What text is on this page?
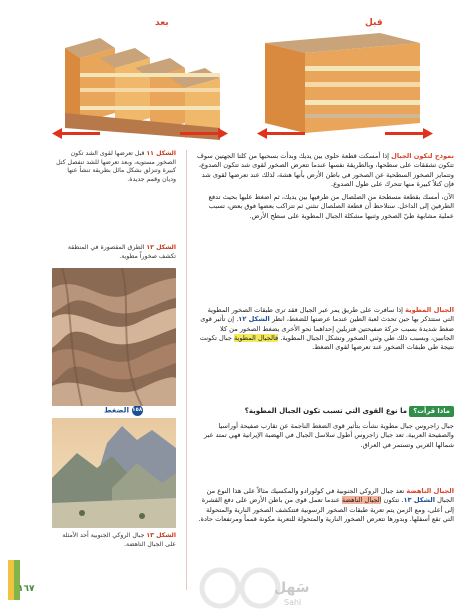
بعد	قبل

نموذج لتكون الجبال إذا أمسكت قطعة حلوى بين يديك وبدأت بسحبها من كلتا الجهتين سوف تتكون تشققات على سطحها، وبالطريقة نفسها عندما تتعرض الصخور لقوى شد تتكون الصدوع، وتتمايز الصخور السطحية عن الصخور في باطن الأرض بأنها هشة، لذلك عند تعرضها لقوى شد فإن كتلاً كبيرة منها تتحرك على طول الصدوع.

الآن، أمسك بقطعة مسطحة من الصلصال من طرفيها بين يديك، ثم اضغط عليها بحيث تدفع الطرفين إلى الداخل. ستلاحظ أن قطعة الصلصال تنثني ثم تتراكب بعضها فوق بعض، تسبب عملية مشابهة طيّ الصخور وثنيها مشكلة الجبال المطوية على سطح الأرض.

الجبال المطوية إذا سافرت على طريق يمر عبر الجبال فقد ترى طبقات الصخور المطوية التي ستتذكر بها حين تحدث لعبة الطين عندما عرضتها للضغط، انظر الشكل ١٢. إن تأثير قوى ضغط شديدة بسبب حركة صفيحتين فتزيلين إحداهما نحو الأخرى يضغط الصخور من كلا الجانبين، وبسبب ذلك طي وثني الصخور وتشكل الجبال المطوية. فالجبال المطوية جبال تكونت نتيجة طي طبقات الصخور عند تعرضها لقوى الضغط.

ماذا قرأت؟ ما نوع القوى التي تسبب تكون الجبال المطوية؟
الضغط ١٥٨

جبال زاجروس جبال مطوية نشأت بتأثير قوى الضغط الناجمة عن تقارب صفيحة أوراسيا والصفيحة العربية. تعد جبال زاجروس أطول سلاسل الجبال في الهضبة الإيرانية فهي تمتد عبر شمالها الغربي وتستمر في العراق.

الجبال الناهضة تعد جبال الروكي الجنوبية في كولورادو والمكسيك مثالاً على هذا النوع من الجبال الشكل ١٣. تتكون الجبال الناهضة عندما تعمل قوى من باطن الأرض على دفع القشرة إلى أعلى، ومع الزمن يتم تعرية طبقات الصخور الرسوبية فتتكشف الصخور النارية والمتحولة التي تقع أسفلها. وبدورها تتعرض الصخور النارية والمتحولة للتعرية مكونة قمماً ومرتفعات حادة.

الشكل ١١ قبل تعرضها لقوى الشد تكون الصخور مستوية، وبعد تعرضها للشد تنفصل كتل كبيرة وتنزلق بشكل مائل بطريقة تنشأ عنها وديان وقمم جديدة.
الشكل ١٢ الطرق المقصورة في المنطقة تكشف صخوراً مطوية.
الشكل ١٣ جبال الروكي الجنوبية أحد الأمثلة على الجبال الناهضة.
١٦٧	سَهل
Sahl
